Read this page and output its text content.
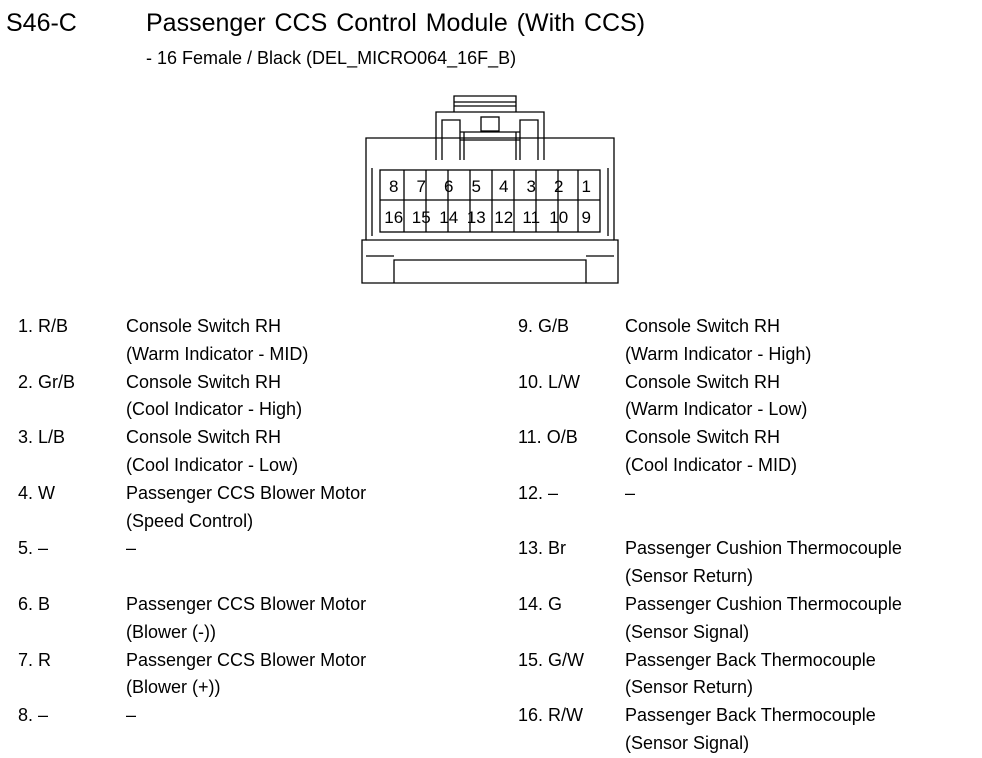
S46-C	Passenger CCS Control Module (With CCS)
- 16 Female / Black (DEL_MICRO064_16F_B)
8 7 6 5 4 3 2 1
16 15 14 13 12 11 10 9
1. R/B	Console Switch RH
(Warm Indicator - MID)
2. Gr/B	Console Switch RH
(Cool Indicator - High)
3. L/B	Console Switch RH
(Cool Indicator - Low)
4. W	Passenger CCS Blower Motor
(Speed Control)
5. –	–

6. B	Passenger CCS Blower Motor
(Blower (-))
7. R	Passenger CCS Blower Motor
(Blower (+))
8. –	–

9. G/B	Console Switch RH
(Warm Indicator - High)
10. L/W	Console Switch RH
(Warm Indicator - Low)
11. O/B	Console Switch RH
(Cool Indicator - MID)
12. –	–

13. Br	Passenger Cushion Thermocouple
(Sensor Return)
14. G	Passenger Cushion Thermocouple
(Sensor Signal)
15. G/W	Passenger Back Thermocouple
(Sensor Return)
16. R/W	Passenger Back Thermocouple
(Sensor Signal)
